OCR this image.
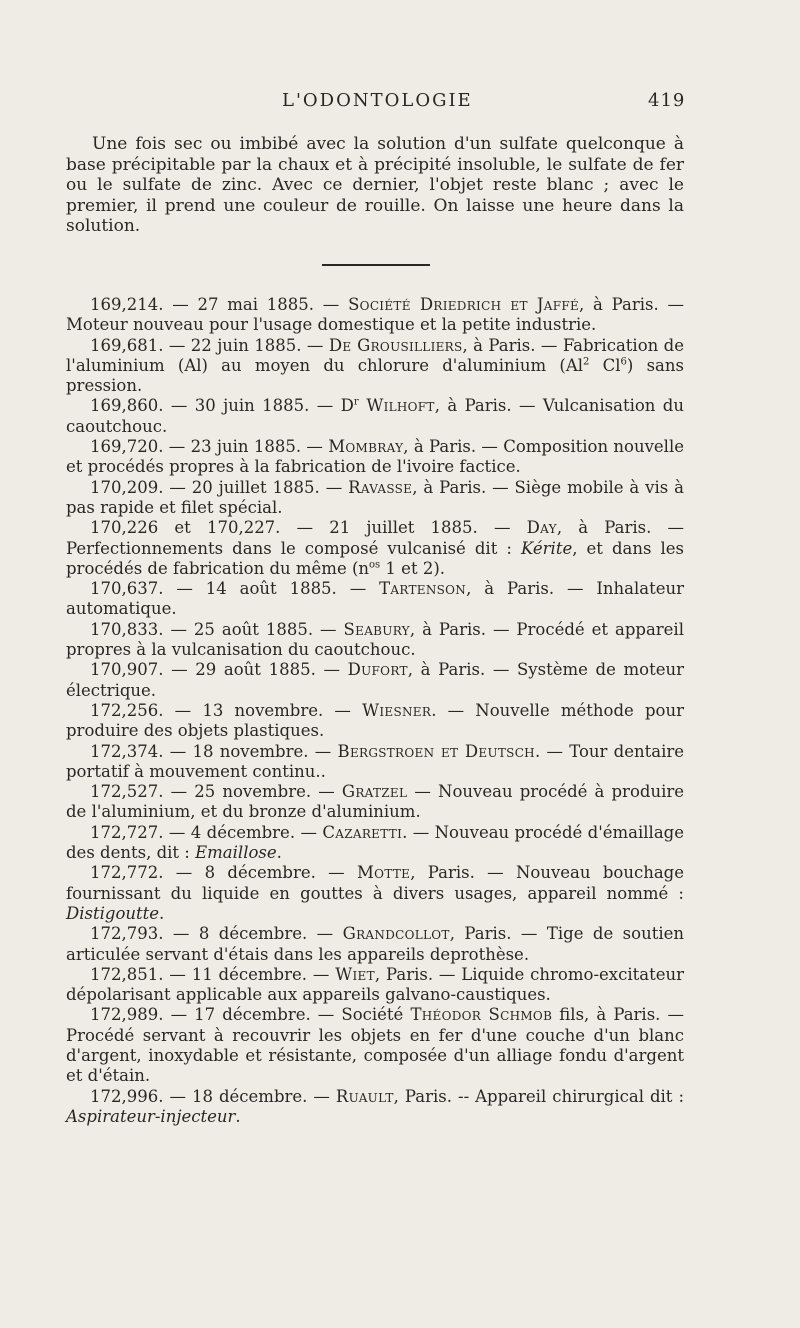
L'ODONTOLOGIE	419

Une fois sec ou imbibé avec la solution d'un sulfate quelconque à base précipitable par la chaux et à précipité insoluble, le sulfate de fer ou le sulfate de zinc. Avec ce dernier, l'objet reste blanc ; avec le premier, il prend une couleur de rouille. On laisse une heure dans la solution.

169,214. — 27 mai 1885. — Société Driedrich et Jaffé, à Paris. — Moteur nouveau pour l'usage domestique et la petite industrie.

169,681. — 22 juin 1885. — De Grousilliers, à Paris. — Fabrication de l'aluminium (Al) au moyen du chlorure d'aluminium (Al$^2$ Cl$^6$) sans pression.

169,860. — 30 juin 1885. — $D^r$ Wilhoft, à Paris. — Vulcanisation du caoutchouc.

169,720. — 23 juin 1885. — Mombray, à Paris. — Composition nouvelle et procédés propres à la fabrication de l'ivoire factice.

170,209. — 20 juillet 1885. — Ravasse, à Paris. — Siège mobile à vis à pas rapide et filet spécial.

170,226 et 170,227. — 21 juillet 1885. — Day, à Paris. — Perfectionnements dans le composé vulcanisé dit : Kérite, et dans les procédés de fabrication du même ($n^{os}$ 1 et 2).

170,637. — 14 août 1885. — Tartenson, à Paris. — Inhalateur automatique.

170,833. — 25 août 1885. — Seabury, à Paris. — Procédé et appareil propres à la vulcanisation du caoutchouc.

170,907. — 29 août 1885. — Dufort, à Paris. — Système de moteur électrique.

172,256. — 13 novembre. — Wiesner. — Nouvelle méthode pour produire des objets plastiques.

172,374. — 18 novembre. — Bergstroen et Deutsch. — Tour dentaire portatif à mouvement continu..

172,527. — 25 novembre. — Gratzel — Nouveau procédé à produire de l'aluminium, et du bronze d'aluminium.

172,727. — 4 décembre. — Cazaretti. — Nouveau procédé d'émaillage des dents, dit : Emaillose.

172,772. — 8 décembre. — Motte, Paris. — Nouveau bouchage fournissant du liquide en gouttes à divers usages, appareil nommé : Distigoutte.

172,793. — 8 décembre. — Grandcollot, Paris. — Tige de soutien articulée servant d'étais dans les appareils deprothèse.

172,851. — 11 décembre. — Wiet, Paris. — Liquide chromo-excitateur dépolarisant applicable aux appareils galvano-caustiques.

172,989. — 17 décembre. — Société Théodor Schmob fils, à Paris. — Procédé servant à recouvrir les objets en fer d'une couche d'un blanc d'argent, inoxydable et résistante, composée d'un alliage fondu d'argent et d'étain.

172,996. — 18 décembre. — Ruault, Paris. -- Appareil chirurgical dit : Aspirateur-injecteur.
